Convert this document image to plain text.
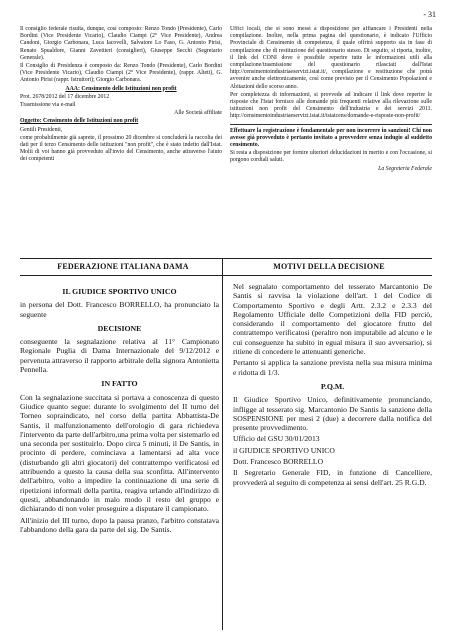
- 31

Il consiglio federale risulta, dunque, così composto: Renzo Tondo (Presidente), Carlo Bordini (Vice Presidente Vicario), Claudio Ciampi (2° Vice Presidente), Andrea Candoni, Giorgio Carbonara, Luca Iacovelli, Salvatore Lo Faso, G. Antonio Pirisi, Renato Spualdore, Gianni Zavettieri (consiglieri), Giuseppe Secchi (Segretario Generale).

Il Consiglio di Presidenza è composto da: Renzo Tondo (Presidente), Carlo Bordini (Vice Presidente Vicario), Claudio Ciampi (2° Vice Presidente), (rappr. Alteti), G. Antonio Pirisi (rappr. Istruttori); Giorgio Carbonara.

AAA: Censimento delle Istituzioni non profit

Prot. 2678/2012 del 17 dicembre 2012

Trasmissione via e-mail

Alle Società affiliate

Oggetto: Censimento delle Istituzioni non profit

Gentili Presidenti,

come probabilmente già saprete, il prossimo 20 dicembre si concluderà la raccolta dei dati per il terzo Censimento delle istituzioni "non profit", che è stato indetto dall'Istat. Molti di voi hanno già provveduto all'invio del Censimento, anche attraverso l'aiuto dei competenti

Uffici locali, che si sono messi a disposizione per affiancare i Presidenti nella compilazione. Inoltre, nella prima pagina del questionario, è indicato l'Ufficio Provinciale di Censimento di competenza, il quale offrirà supporto sia in fase di compilazione che di restituzione del questionario stesso. Di seguito, si riporta, inoltre, il link del CONI dove è possibile reperire tutte le informazioni utili alla compilazione/trasmissione del questionario rilasciati dall'Istat http://censimentoindustriaeservizi.istat.it/, compilazione e restituzione che potrà avvenire anche elettronicamente, così come previsto per il Censimento Popolazioni e Abitazioni dello scorso anno.

Per completezza di informazioni, si provvede ad indicare il link dove reperire le risposte che l'Istat fornisce alle domande più frequenti relative alla rilevazione sulle istituzioni non profit del Censimento dell'industria e dei servizi 2011. http://censimentoindustriaeservizi.istat.it/istatcens/domande-e-risposte-non-profit/

Effettuare la registrazione è fondamentale per non incorrere in sanzioni! Chi non avesse già provveduto è pertanto invitato a provvedere senza indugio al suddetto censimento.

Si resta a disposizione per fornire ulteriori delucidazioni in merito e con l'occasione, si porgono cordiali saluti.

La Segreteria Federale

FEDERAZIONE ITALIANA DAMA	MOTIVI DELLA DECISIONE
IL GIUDICE SPORTIVO UNICO

in persona del Dott. Francesco BORRELLO, ha pronunciato la seguente

DECISIONE

conseguente la segnalazione relativa al 11° Campionato Regionale Puglia di Dama Internazionale del 9/12/2012 e pervenuta attraverso il rapporto arbitrale della signora Antonietta Pennella.

IN FATTO

Con la segnalazione succitata si portava a conoscenza di questo Giudice quanto segue: durante lo svolgimento del II turno del Torneo sopraindicato, nel corso della partita Abbattista-De Santis, il malfunzionamento dell'orologio di gara richiedeva l'intervento da parte dell'arbitro,una prima volta per sistemarlo ed una seconda per sostituirlo. Dopo circa 5 minuti, il De Santis, in procinto di perdere, cominciava a lamentarsi ad alta voce (disturbando gli altri giocatori) del contrattempo verificatosi ed attribuendo a questo la causa della sua sconfitta. All'intervento dell'arbitro, volto a impedire la continuazione di una serie di ripetizioni informali della partita, reagiva urlando all'indirizzo di questi, abbandonando in malo modo il resto del gruppo e dichiarando di non voler proseguire a disputare il campionato.

All'inizio del III turno, dopo la pausa pranzo, l'arbitro constatava l'abbandono della gara da parte del sig. De Santis.

Nel segnalato comportamento del tesserato Marcantonio De Santis si ravvisa la violazione dell'art. 1 del Codice di Comportamento Sportivo e degli Artt. 2.3.2 e 2.3.3 del Regolamento Ufficiale delle Competizioni della FID perciò, considerando il comportamento del giocatore frutto del contrattempo verificatosi (peraltro non imputabile ad alcuno e le cui conseguenze ha subito in egual misura il suo avversario), si ritiene di concedere le attenuanti generiche.

Pertanto si applica la sanzione prevista nella sua misura minima e ridotta di 1/3.

P.Q.M.

Il Giudice Sportivo Unico, definitivamente pronunciando, infligge al tesserato sig. Marcantonio De Santis la sanzione della SOSPENSIONE per mesi 2 (due) a decorrere dalla notifica del presente provvedimento.

Ufficio del GSU 30/01/2013

il GIUDICE SPORTIVO UNICO

Dott. Francesco BORRELLO

Il Segretario Generale FID, in funzione di Cancelliere, provvederà al seguito di competenza ai sensi dell'art. 25 R.G.D.
